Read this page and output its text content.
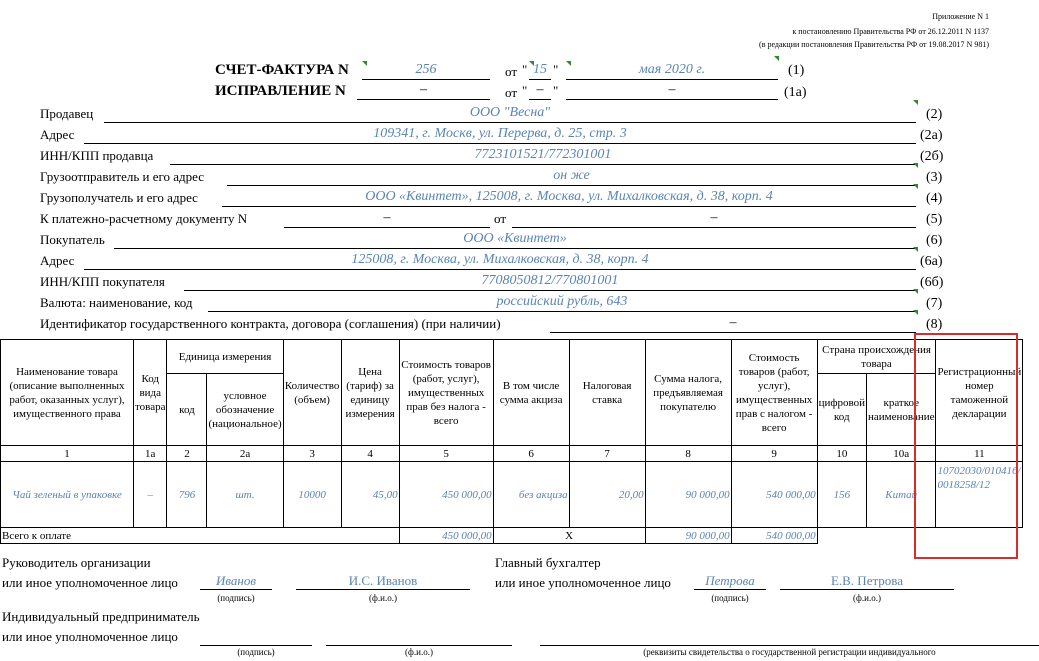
Приложение N 1
к постановлению Правительства РФ от 26.12.2011 N 1137
(в редакции постановления Правительства РФ от 19.08.2017 N 981)
СЧЕТ-ФАКТУРА N	256	от " 15 "	мая 2020 г.	(1)
ИСПРАВЛЕНИЕ N	–	от " – "	–	(1а)
Продавец	ООО "Весна"	(2)
Адрес	109341, г. Москв, ул. Перерва, д. 25, стр. 3	(2а)
ИНН/КПП продавца	7723101521/772301001	(2б)
Грузоотправитель и его адрес	он же	(3)
Грузополучатель и его адрес	ООО «Квинтет», 125008, г. Москва, ул. Михалковская, д. 38, корп. 4	(4)
К платежно-расчетному документу N	–	от	–	(5)
Покупатель	ООО «Квинтет»	(6)
Адрес	125008, г. Москва, ул. Михалковская, д. 38, корп. 4	(6а)
ИНН/КПП покупателя	7708050812/770801001	(6б)
Валюта: наименование, код	российский рубль, 643	(7)
Идентификатор государственного контракта, договора (соглашения) (при наличии)	–	(8)
Наименование товара (описание выполненных работ, оказанных услуг), имущественного права	Код вида товара	Единица измерения		Количество (объем)	Цена (тариф) за единицу измерения	Стоимость товаров (работ, услуг), имущественных прав без налога - всего	В том числе сумма акциза	Налоговая ставка	Сумма налога, предъявляемая покупателю	Стоимость товаров (работ, услуг), имущественных прав с налогом - всего	Страна происхождения товара		Регистрационный номер таможенной декларации
		код	условное обозначение (национальное)								цифровой код	краткое наименование	
1	1а	2	2а	3	4	5	6	7	8	9	10	10а	11
Чай зеленый в упаковке	–	796	шт.	10000	45,00	450 000,00	без акциза	20,00	90 000,00	540 000,00	156	Китай	10702030/010416/0018258/12
Всего к оплате						450 000,00	Х		90 000,00	540 000,00			
Руководитель организации
или иное уполномоченное лицо	Иванов
(подпись)
И.С. Иванов
(ф.и.о.)
Главный бухгалтер
или иное уполномоченное лицо	Петрова
(подпись)
Е.В. Петрова
(ф.и.о.)
Индивидуальный предприниматель
или иное уполномоченное лицо
(подпись)	(ф.и.о.)	(реквизиты свидетельства о государственной регистрации индивидуального
